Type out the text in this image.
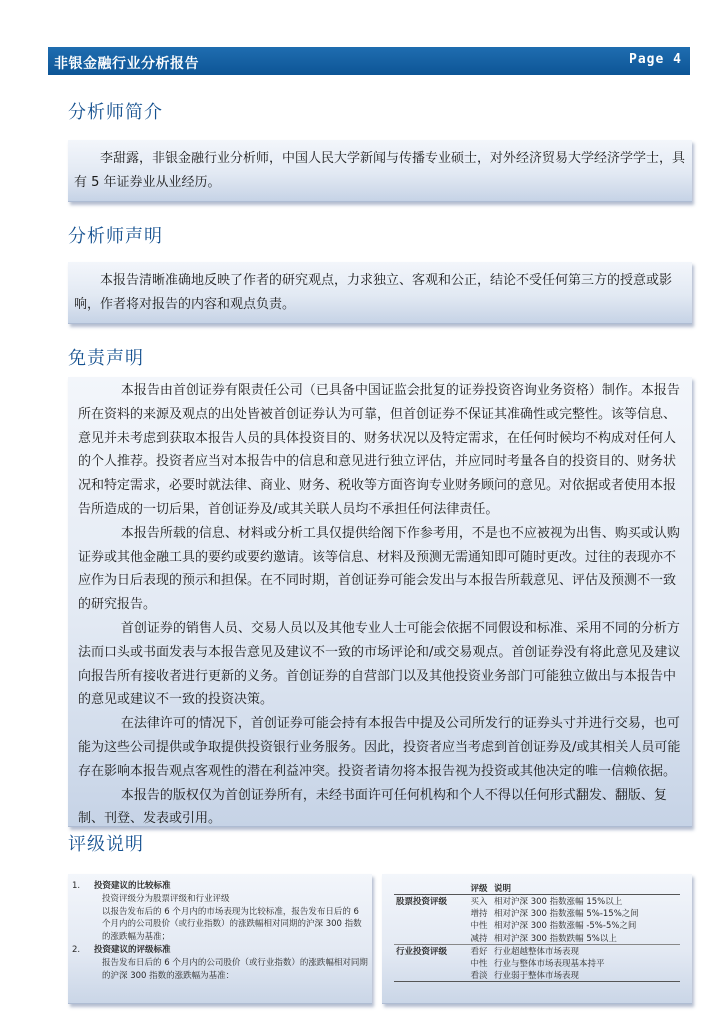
非银金融行业分析报告	Page 4
分析师简介

李甜露，非银金融行业分析师，中国人民大学新闻与传播专业硕士，对外经济贸易大学经济学学士，具有 5 年证券业从业经历。

分析师声明

本报告清晰准确地反映了作者的研究观点，力求独立、客观和公正，结论不受任何第三方的授意或影响，作者将对报告的内容和观点负责。

免责声明

本报告由首创证券有限责任公司（已具备中国证监会批复的证券投资咨询业务资格）制作。本报告所在资料的来源及观点的出处皆被首创证券认为可靠，但首创证券不保证其准确性或完整性。该等信息、意见并未考虑到获取本报告人员的具体投资目的、财务状况以及特定需求，在任何时候均不构成对任何人的个人推荐。投资者应当对本报告中的信息和意见进行独立评估，并应同时考量各自的投资目的、财务状况和特定需求，必要时就法律、商业、财务、税收等方面咨询专业财务顾问的意见。对依据或者使用本报告所造成的一切后果，首创证券及/或其关联人员均不承担任何法律责任。

本报告所载的信息、材料或分析工具仅提供给阁下作参考用，不是也不应被视为出售、购买或认购证券或其他金融工具的要约或要约邀请。该等信息、材料及预测无需通知即可随时更改。过往的表现亦不应作为日后表现的预示和担保。在不同时期，首创证券可能会发出与本报告所载意见、评估及预测不一致的研究报告。

首创证券的销售人员、交易人员以及其他专业人士可能会依据不同假设和标准、采用不同的分析方法而口头或书面发表与本报告意见及建议不一致的市场评论和/或交易观点。首创证券没有将此意见及建议向报告所有接收者进行更新的义务。首创证券的自营部门以及其他投资业务部门可能独立做出与本报告中的意见或建议不一致的投资决策。

在法律许可的情况下，首创证券可能会持有本报告中提及公司所发行的证券头寸并进行交易，也可能为这些公司提供或争取提供投资银行业务服务。因此，投资者应当考虑到首创证券及/或其相关人员可能存在影响本报告观点客观性的潜在利益冲突。投资者请勿将本报告视为投资或其他决定的唯一信赖依据。

本报告的版权仅为首创证券所有，未经书面许可任何机构和个人不得以任何形式翻发、翻版、复制、刊登、发表或引用。

评级说明
1. 投资建议的比较标准
投资评级分为股票评级和行业评级
以报告发布后的 6 个月内的市场表现为比较标准，报告发布日后的 6 个月内的公司股价（或行业指数）的涨跌幅相对同期的沪深 300 指数的涨跌幅为基准；
2. 投资建议的评级标准
报告发布日后的 6 个月内的公司股价（或行业指数）的涨跌幅相对同期的沪深 300 指数的涨跌幅为基准：
	评级	说明
股票投资评级	买入	相对沪深 300 指数涨幅 15%以上
	增持	相对沪深 300 指数涨幅 5%-15%之间
	中性	相对沪深 300 指数涨幅 -5%-5%之间
	减持	相对沪深 300 指数跌幅 5%以上
行业投资评级	看好	行业超越整体市场表现
	中性	行业与整体市场表现基本持平
	看淡	行业弱于整体市场表现
